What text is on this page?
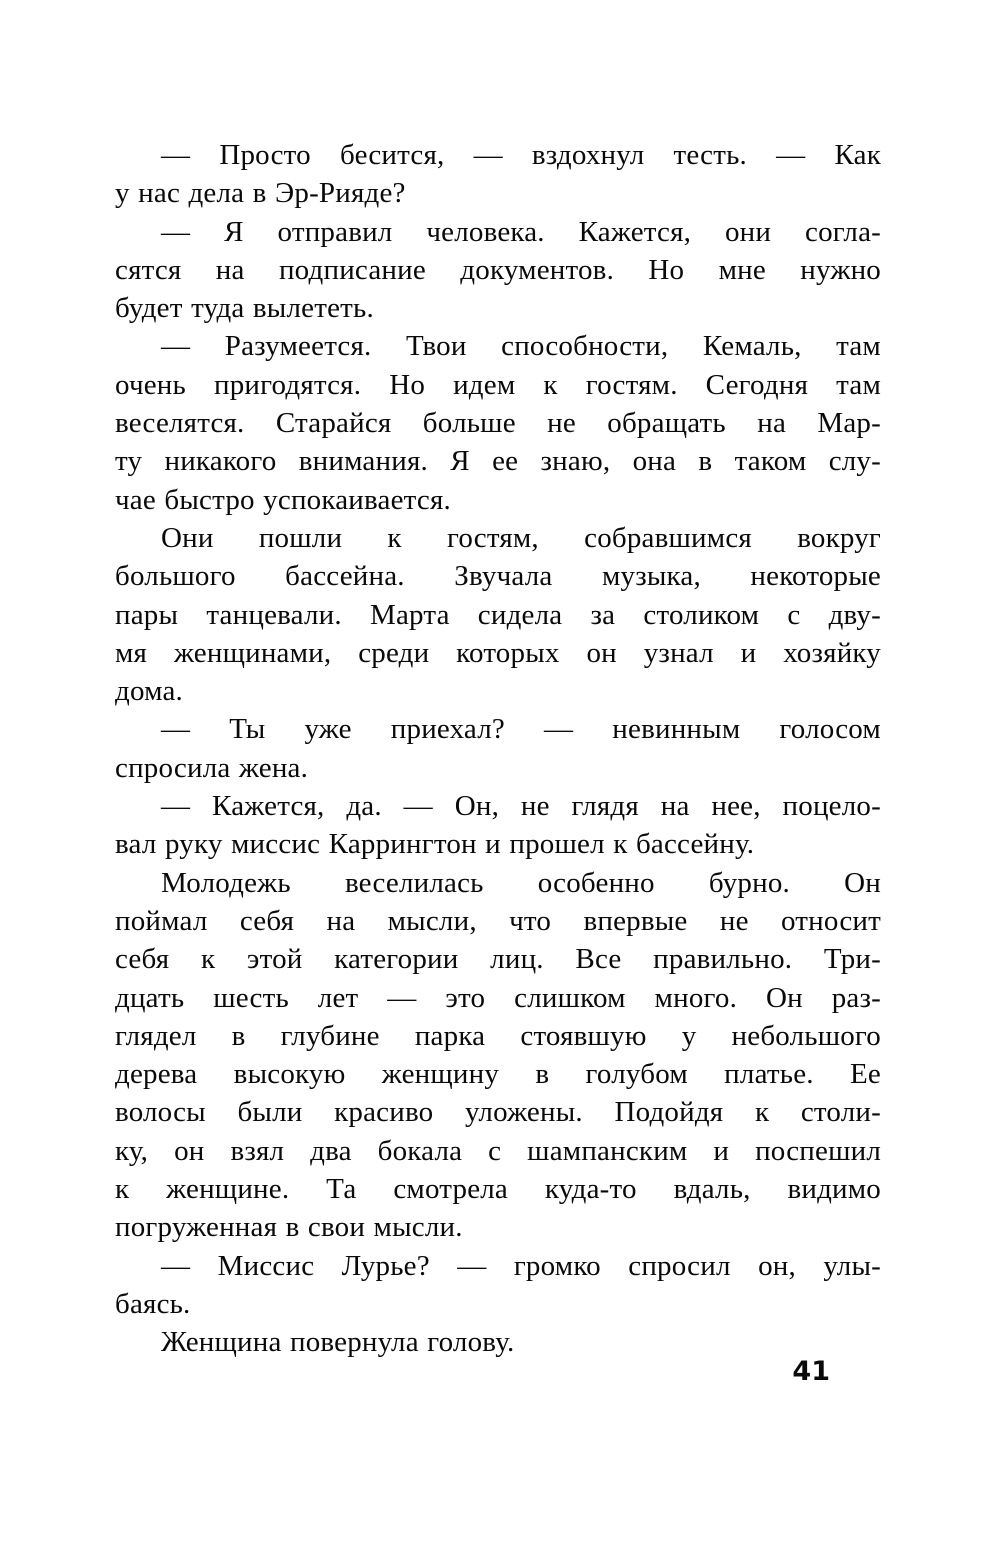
— Просто бесится, — вздохнул тесть. — Как
у нас дела в Эр-Рияде?
— Я отправил человека. Кажется, они согла-
сятся на подписание документов. Но мне нужно
будет туда вылететь.
— Разумеется. Твои способности, Кемаль, там
очень пригодятся. Но идем к гостям. Сегодня там
веселятся. Старайся больше не обращать на Мар-
ту никакого внимания. Я ее знаю, она в таком слу-
чае быстро успокаивается.
Они пошли к гостям, собравшимся вокруг
большого бассейна. Звучала музыка, некоторые
пары танцевали. Марта сидела за столиком с дву-
мя женщинами, среди которых он узнал и хозяйку
дома.
— Ты уже приехал? — невинным голосом
спросила жена.
— Кажется, да. — Он, не глядя на нее, поцело-
вал руку миссис Каррингтон и прошел к бассейну.
Молодежь веселилась особенно бурно. Он
поймал себя на мысли, что впервые не относит
себя к этой категории лиц. Все правильно. Три-
дцать шесть лет — это слишком много. Он раз-
глядел в глубине парка стоявшую у небольшого
дерева высокую женщину в голубом платье. Ее
волосы были красиво уложены. Подойдя к столи-
ку, он взял два бокала с шампанским и поспешил
к женщине. Та смотрела куда-то вдаль, видимо
погруженная в свои мысли.
— Миссис Лурье? — громко спросил он, улы-
баясь.
Женщина повернула голову.
41
